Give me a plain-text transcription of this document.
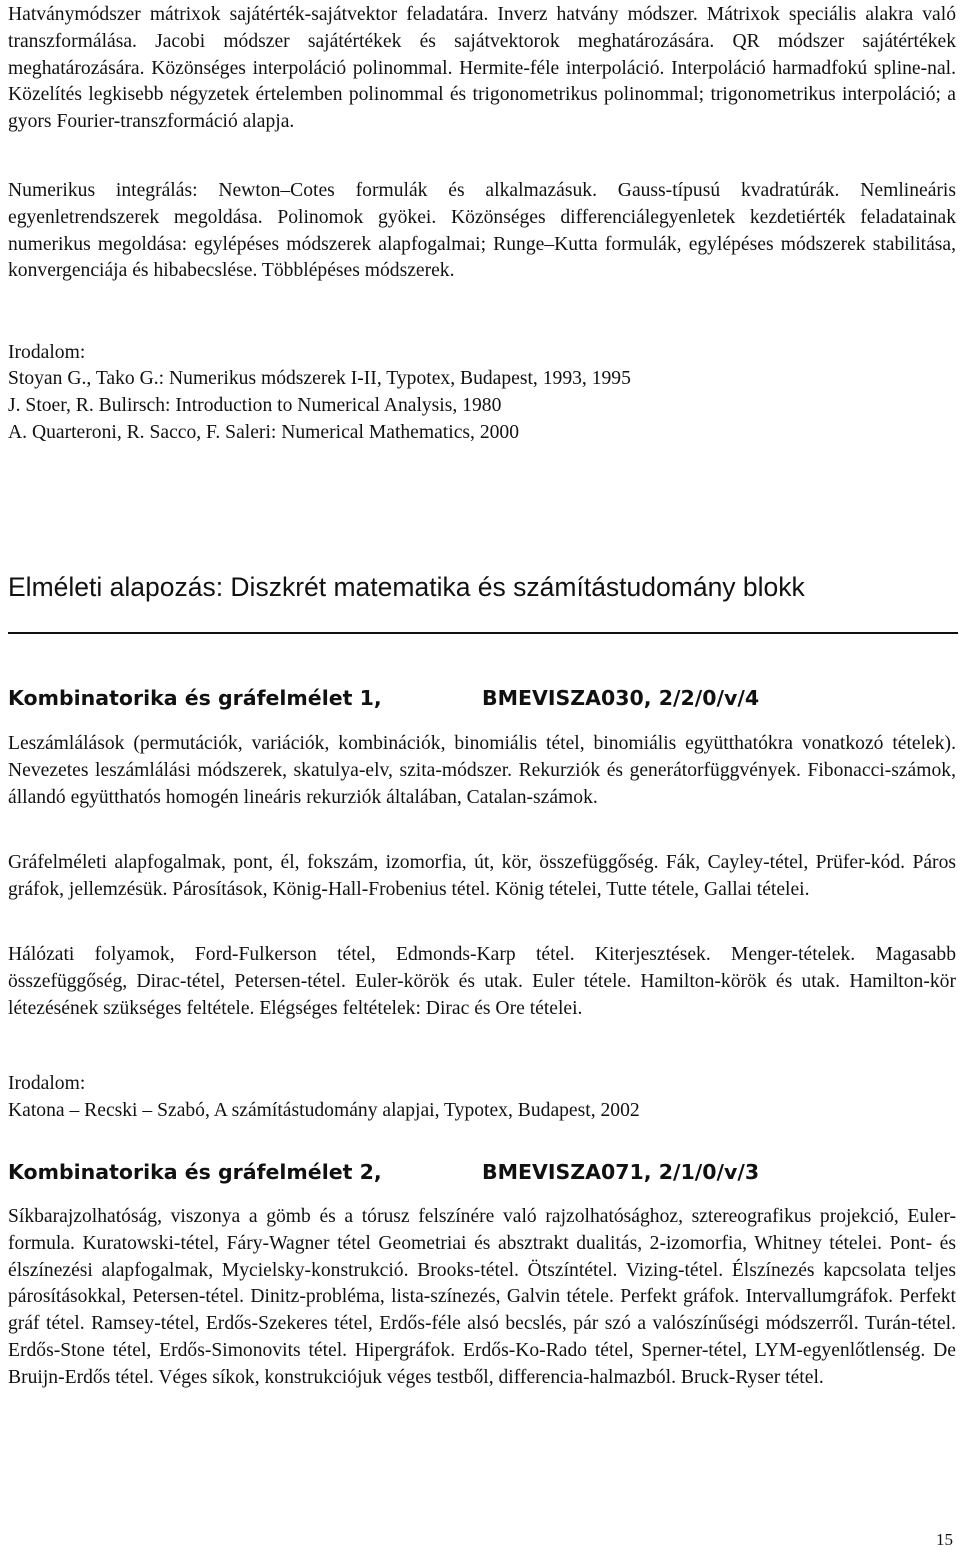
Hatványmódszer mátrixok sajátérték-sajátvektor feladatára. Inverz hatvány módszer. Mátrixok speciális alakra való transzformálása. Jacobi módszer sajátértékek és sajátvektorok meghatározására. QR módszer sajátértékek meghatározására. Közönséges interpoláció polinommal. Hermite-féle interpoláció. Interpoláció harmadfokú spline-nal. Közelítés legkisebb négyzetek értelemben polinommal és trigonometrikus polinommal; trigonometrikus interpoláció; a gyors Fourier-transzformáció alapja.

Numerikus integrálás: Newton–Cotes formulák és alkalmazásuk. Gauss-típusú kvadratúrák. Nemlineáris egyenletrendszerek megoldása. Polinomok gyökei. Közönséges differenciálegyenletek kezdetiérték feladatainak numerikus megoldása: egylépéses módszerek alapfogalmai; Runge–Kutta formulák, egylépéses módszerek stabilitása, konvergenciája és hibabecslése. Többlépéses módszerek.

Irodalom:

Stoyan G., Tako G.: Numerikus módszerek I-II, Typotex, Budapest, 1993, 1995

J. Stoer, R. Bulirsch: Introduction to Numerical Analysis, 1980

A. Quarteroni, R. Sacco, F. Saleri: Numerical Mathematics, 2000

Elméleti alapozás: Diszkrét matematika és számítástudomány blokk
Kombinatorika és gráfelmélet 1,	BMEVISZA030, 2/2/0/v/4

Leszámlálások (permutációk, variációk, kombinációk, binomiális tétel, binomiális együtthatókra vonatkozó tételek). Nevezetes leszámlálási módszerek, skatulya-elv, szita-módszer. Rekurziók és generátorfüggvények. Fibonacci-számok, állandó együtthatós homogén lineáris rekurziók általában, Catalan-számok.

Gráfelméleti alapfogalmak, pont, él, fokszám, izomorfia, út, kör, összefüggőség. Fák, Cayley-tétel, Prüfer-kód. Páros gráfok, jellemzésük. Párosítások, König-Hall-Frobenius tétel. König tételei, Tutte tétele, Gallai tételei.

Hálózati folyamok, Ford-Fulkerson tétel, Edmonds-Karp tétel. Kiterjesztések. Menger-tételek. Magasabb összefüggőség, Dirac-tétel, Petersen-tétel. Euler-körök és utak. Euler tétele. Hamilton-körök és utak. Hamilton-kör létezésének szükséges feltétele. Elégséges feltételek: Dirac és Ore tételei.

Irodalom:

Katona – Recski – Szabó, A számítástudomány alapjai, Typotex, Budapest, 2002

Kombinatorika és gráfelmélet 2,	BMEVISZA071, 2/1/0/v/3

Síkbarajzolhatóság, viszonya a gömb és a tórusz felszínére való rajzolhatósághoz, sztereografikus projekció, Euler-formula. Kuratowski-tétel, Fáry-Wagner tétel Geometriai és absztrakt dualitás, 2-izomorfia, Whitney tételei. Pont- és élszínezési alapfogalmak, Mycielsky-konstrukció. Brooks-tétel. Ötszíntétel. Vizing-tétel. Élszínezés kapcsolata teljes párosításokkal, Petersen-tétel. Dinitz-probléma, lista-színezés, Galvin tétele. Perfekt gráfok. Intervallumgráfok. Perfekt gráf tétel. Ramsey-tétel, Erdős-Szekeres tétel, Erdős-féle alsó becslés, pár szó a valószínűségi módszerről. Turán-tétel. Erdős-Stone tétel, Erdős-Simonovits tétel. Hipergráfok. Erdős-Ko-Rado tétel, Sperner-tétel, LYM-egyenlőtlenség. De Bruijn-Erdős tétel. Véges síkok, konstrukciójuk véges testből, differencia-halmazból. Bruck-Ryser tétel.

15
